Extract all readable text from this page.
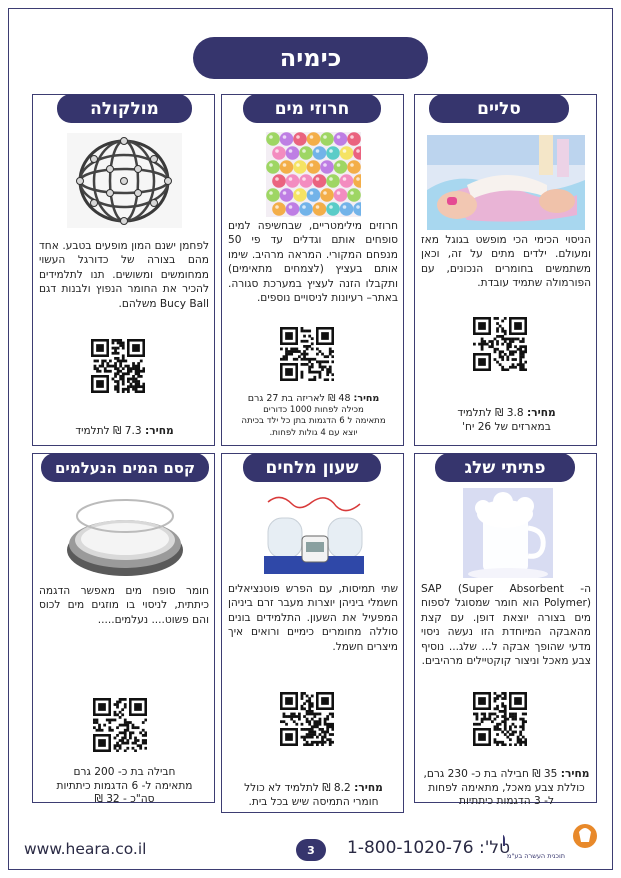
כימיה
סליים
הניסוי הכימי הכי מופשט בגוגל מאז ומעולם. ילדים מתים על זה, וכאן משתמשים בחומרים הנכונים, עם הפורמולה שתמיד עובדת.
מחיר: 3.8 ₪ לתלמיד
במארזים של 26 יח'
חרוזי מים
חרוזים מילימטריים, שבחשיפה למים סופחים אותם וגדלים עד פי 50 מנפחם המקורי. המראה מרהיב. שימו אותם בעציץ (לצמחים מתאימים) ותקבלו הזנה לעציץ במערכת סגורה. באתר– רעיונות לניסויים נוספים.
מחיר: 48 ₪ לאריזה בת 27 גרם
מכילה לפחות 1000 כדורים
מתאימה ל 6 הדגמות בתן כל ילד בכיתה
יוצא עם 4 גולות לפחות.
מולקולה
לפחמן ישנם המון מופעים בטבע. אחד מהם בצורה של כדורגל העשוי ממחומשים ומשושים. תנו לתלמידים להכיר את החומר הנפוץ ולבנות דגם Bucy Ball משלהם.
מחיר: 7.3 ₪ לתלמיד
פתיתי שלג
ה- SAP (Super Absorbent Polymer) הוא חומר שמסוגל לספוח מים בצורה יוצאת דופן. עם קצת מהאבקה המיוחדת הזו נעשה ניסוי מדעי שהופך אבקה ל... שלג... נוסיף צבע מאכל וניצור קוקטיילים מרהיבים.
מחיר: 35 ₪ חבילה בת כ- 230 גרם,
כוללת צבע מאכל, מתאימה לפחות
ל- 3 הדגמות כיתתיות
שעון מלחים
שתי תמיסות, עם הפרש פוטנציאלים חשמלי ביניהן יוצרות מעבר זרם ביניהן המפעיל את השעון. התלמידים בונים סוללה מחומרים כימיים ורואים איך מיצרים חשמל.
מחיר: 8.2 ₪ לתלמיד לא כולל
חומרי התמיסה שיש בכל בית.
קסם המים הנעלמים
חומר סופח מים מאפשר הדגמה כיתתית, לניסוי בו מוזגים מים לכוס והם פשוט.... נעלמים.....
חבילה בת כ- 200 גרם
מתאימה ל- 6 הדגמות כיתתיות
סה"כ - 32 ₪
www.heara.co.il	3	טל': 1-800-1020-76
תוכנית העשרה בע"מ
